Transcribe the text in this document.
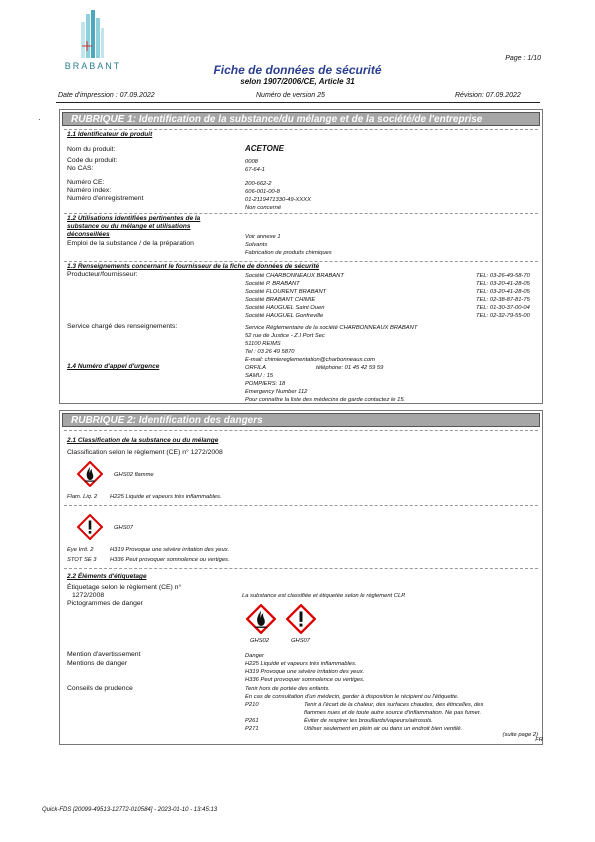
BRABANT
Page : 1/10
Fiche de données de sécurité
selon 1907/2006/CE, Article 31
Date d'impression : 07.09.2022	Numéro de version 25	Révision: 07.09.2022
·	RUBRIQUE 1: Identification de la substance/du mélange et de la société/de l'entreprise
1.1 Identificateur de produit
Nom du produit:	ACETONE
Code du produit:	0008
No CAS:	67-64-1
Numéro CE:	200-662-2
Numéro index:	606-001-00-8
Numéro d'enregistrement	01-2119471330-49-XXXX
Non concerné
1.2 Utilisations identifiées pertinentes de la
substance ou du mélange et utilisations
déconseillées	Voir annexe 1
Emploi de la substance / de la préparation	Solvants
Fabrication de produits chimiques
1.3 Renseignements concernant le fournisseur de la fiche de données de sécurité
Producteur/fournisseur:	Société CHARBONNEAUX BRABANT	TEL: 03-26-49-58-70
Société P. BRABANT	TEL: 03-20-41-28-05
Société FLOURENT BRABANT	TEL: 03-20-41-28-05
Société BRABANT CHIMIE	TEL: 02-38-87-81-75
Société HAUGUEL Saint Ouen	TEL: 01-30-37-00-04
Société HAUGUEL Gonfreville	TEL: 02-32-79-55-00
Service chargé des renseignements:	Service Réglementaire de la société CHARBONNEAUX BRABANT
52 rue de Justice - Z.I Port Sec
51100 REIMS
Tel : 03 26 49 5870
E-mail: chimiereglementation@charbonneaux.com
1.4 Numéro d'appel d'urgence	ORFILA	téléphone: 01 45 42 59 59
SAMU : 15
POMPIERS: 18
Emergency Number 112
Pour connaître la liste des médecins de garde contactez le 15.
RUBRIQUE 2: Identification des dangers
2.1 Classification de la substance ou du mélange
Classification selon le règlement (CE) n° 1272/2008
GHS02 flamme
Flam. Liq. 2 H225 Liquide et vapeurs très inflammables.
GHS07
Eye Irrit. 2	H319 Provoque une sévère irritation des yeux.
STOT SE 3 H336 Peut provoquer somnolence ou vertiges.
2.2 Éléments d'étiquetage
Étiquetage selon le règlement (CE) n°
1272/2008	La substance est classifiée et étiquetée selon le règlement CLP.
Pictogrammes de danger
GHS02	GHS07
Mention d'avertissement	Danger
Mentions de danger	H225 Liquide et vapeurs très inflammables.
H319 Provoque une sévère irritation des yeux.
H336 Peut provoquer somnolence ou vertiges.
Conseils de prudence	Tenir hors de portée des enfants.
En cas de consultation d'un médecin, garder à disposition le récipient ou l'étiquette.
P210	Tenir à l'écart de la chaleur, des surfaces chaudes, des étincelles, des
flammes nues et de toute autre source d'inflammation. Ne pas fumer.
P261	Éviter de respirer les brouillards/vapeurs/aérosols.
P271	Utiliser seulement en plein air ou dans un endroit bien ventilé.
(suite page 2)
FR
Quick-FDS [20099-49513-12772-010584] - 2023-01-10 - 13:45:13
